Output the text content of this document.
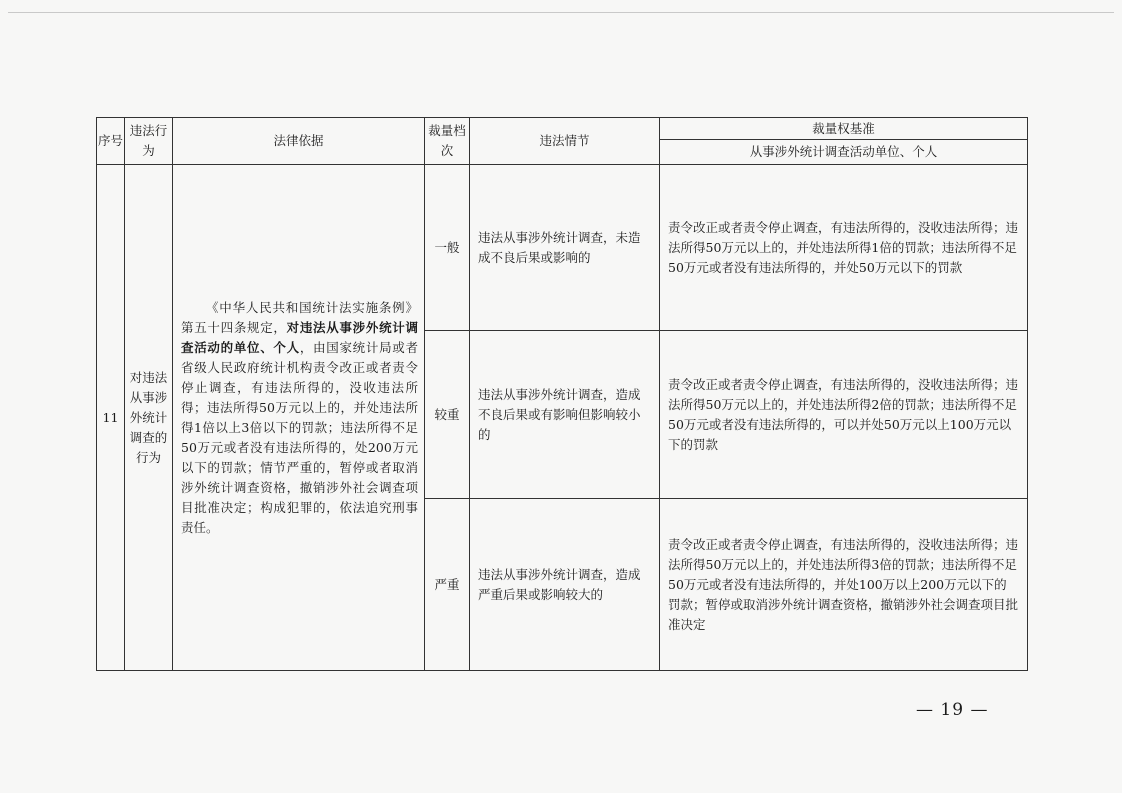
序号	违法行为	法律依据	裁量档次	违法情节	裁量权基准
					从事涉外统计调查活动单位、个人
11	对违法从事涉外统计调查的行为	《中华人民共和国统计法实施条例》第五十四条规定，对违法从事涉外统计调查活动的单位、个人，由国家统计局或者省级人民政府统计机构责令改正或者责令停止调查，有违法所得的，没收违法所得；违法所得50万元以上的，并处违法所得1倍以上3倍以下的罚款；违法所得不足50万元或者没有违法所得的，处200万元以下的罚款；情节严重的，暂停或者取消涉外统计调查资格，撤销涉外社会调查项目批准决定；构成犯罪的，依法追究刑事责任。	一般	违法从事涉外统计调查，未造成不良后果或影响的	责令改正或者责令停止调查，有违法所得的，没收违法所得；违法所得50万元以上的，并处违法所得1倍的罚款；违法所得不足50万元或者没有违法所得的，并处50万元以下的罚款
			较重	违法从事涉外统计调查，造成不良后果或有影响但影响较小的	责令改正或者责令停止调查，有违法所得的，没收违法所得；违法所得50万元以上的，并处违法所得2倍的罚款；违法所得不足50万元或者没有违法所得的，可以并处50万元以上100万元以下的罚款
			严重	违法从事涉外统计调查，造成严重后果或影响较大的	责令改正或者责令停止调查，有违法所得的，没收违法所得；违法所得50万元以上的，并处违法所得3倍的罚款；违法所得不足50万元或者没有违法所得的，并处100万以上200万元以下的罚款；暂停或取消涉外统计调查资格，撤销涉外社会调查项目批准决定
— 19 —
